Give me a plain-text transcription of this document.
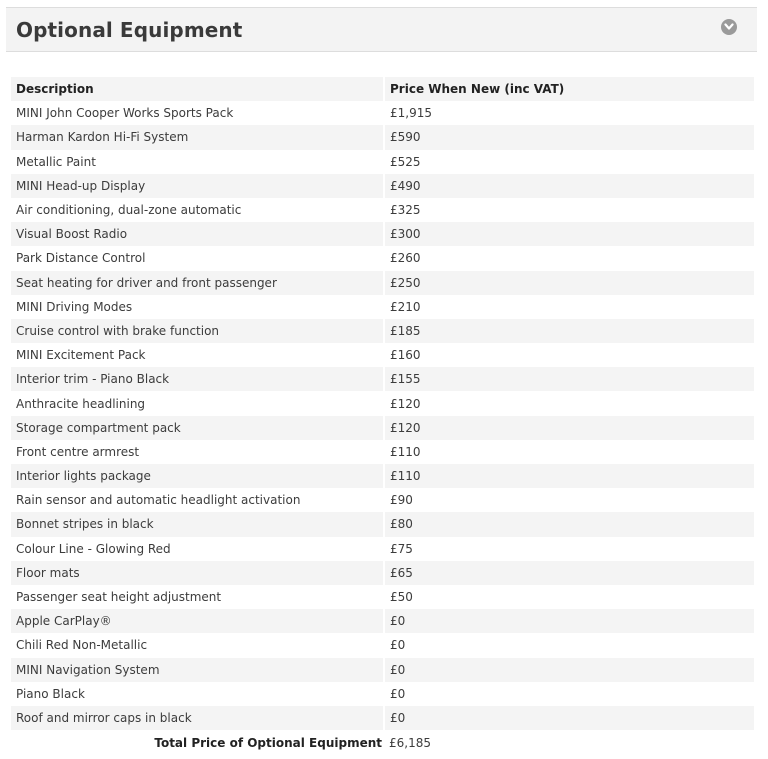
Optional Equipment
Description	Price When New (inc VAT)
MINI John Cooper Works Sports Pack	£1,915
Harman Kardon Hi-Fi System	£590
Metallic Paint	£525
MINI Head-up Display	£490
Air conditioning, dual-zone automatic	£325
Visual Boost Radio	£300
Park Distance Control	£260
Seat heating for driver and front passenger	£250
MINI Driving Modes	£210
Cruise control with brake function	£185
MINI Excitement Pack	£160
Interior trim - Piano Black	£155
Anthracite headlining	£120
Storage compartment pack	£120
Front centre armrest	£110
Interior lights package	£110
Rain sensor and automatic headlight activation	£90
Bonnet stripes in black	£80
Colour Line - Glowing Red	£75
Floor mats	£65
Passenger seat height adjustment	£50
Apple CarPlay®	£0
Chili Red Non-Metallic	£0
MINI Navigation System	£0
Piano Black	£0
Roof and mirror caps in black	£0
Total Price of Optional Equipment £6,185
